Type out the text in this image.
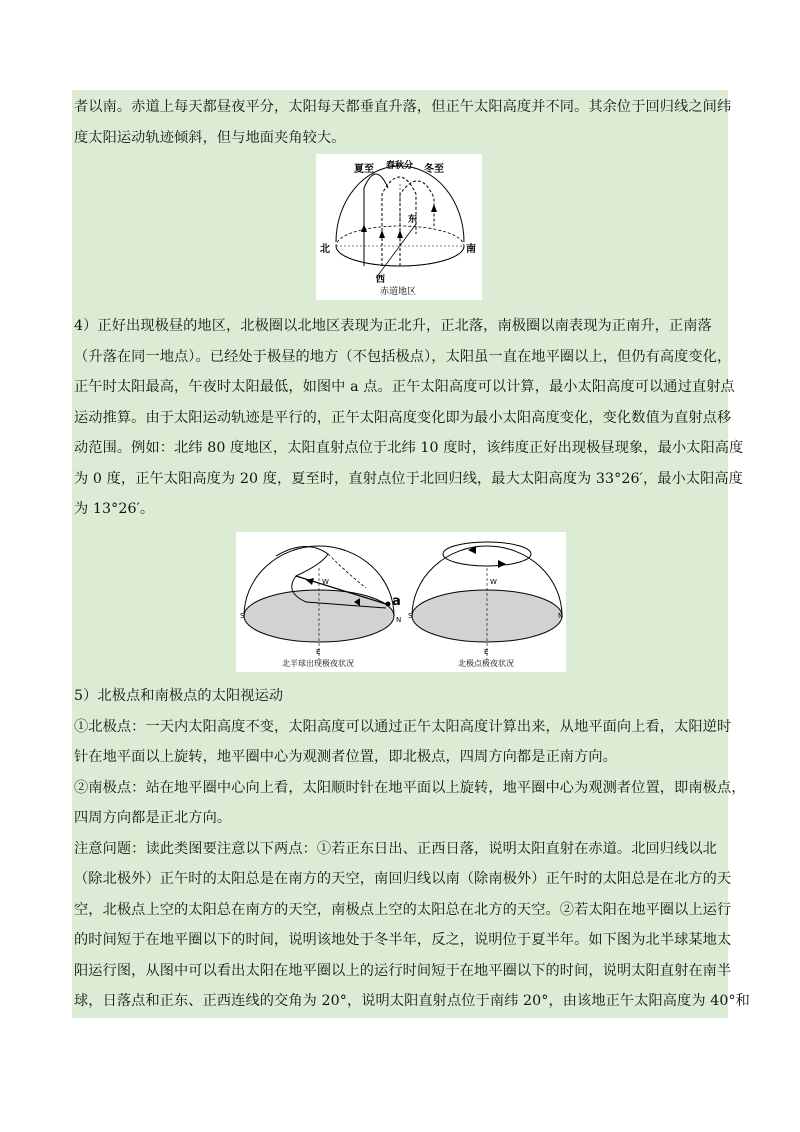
者以南。赤道上每天都昼夜平分，太阳每天都垂直升落，但正午太阳高度并不同。其余位于回归线之间纬
度太阳运动轨迹倾斜，但与地面夹角较大。
夏至 春秋分 冬至
东
北	南
西
赤道地区
4）正好出现极昼的地区，北极圈以北地区表现为正北升，正北落，南极圈以南表现为正南升，正南落
（升落在同一地点）。已经处于极昼的地方（不包括极点），太阳虽一直在地平圈以上，但仍有高度变化，
正午时太阳最高，午夜时太阳最低，如图中 a 点。正午太阳高度可以计算，最小太阳高度可以通过直射点
运动推算。由于太阳运动轨迹是平行的，正午太阳高度变化即为最小太阳高度变化，变化数值为直射点移
动范围。例如：北纬 80 度地区，太阳直射点位于北纬 10 度时，该纬度正好出现极昼现象，最小太阳高度
为 0 度，正午太阳高度为 20 度，夏至时，直射点位于北回归线，最大太阳高度为 33°26′，最小太阳高度
为 13°26′。
a
S	N
W
E
S	N
W
E
北半球出现极夜状况	北极点极夜状况
5）北极点和南极点的太阳视运动
①北极点：一天内太阳高度不变，太阳高度可以通过正午太阳高度计算出来，从地平面向上看，太阳逆时
针在地平面以上旋转，地平圈中心为观测者位置，即北极点，四周方向都是正南方向。
②南极点：站在地平圈中心向上看，太阳顺时针在地平面以上旋转，地平圈中心为观测者位置，即南极点，
四周方向都是正北方向。
注意问题：读此类图要注意以下两点：①若正东日出、正西日落，说明太阳直射在赤道。北回归线以北
（除北极外）正午时的太阳总是在南方的天空，南回归线以南（除南极外）正午时的太阳总是在北方的天
空，北极点上空的太阳总在南方的天空，南极点上空的太阳总在北方的天空。②若太阳在地平圈以上运行
的时间短于在地平圈以下的时间，说明该地处于冬半年，反之，说明位于夏半年。如下图为北半球某地太
阳运行图，从图中可以看出太阳在地平圈以上的运行时间短于在地平圈以下的时间，说明太阳直射在南半
球，日落点和正东、正西连线的交角为 20°，说明太阳直射点位于南纬 20°，由该地正午太阳高度为 40°和
